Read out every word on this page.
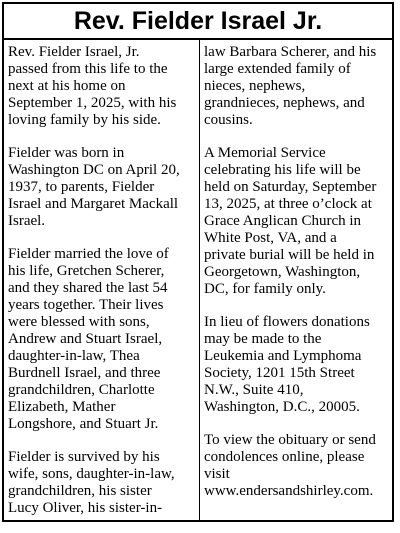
Rev. Fielder Israel Jr.

Rev. Fielder Israel, Jr.
passed from this life to the
next at his home on
September 1, 2025, with his
loving family by his side.

Fielder was born in
Washington DC on April 20,
1937, to parents, Fielder
Israel and Margaret Mackall
Israel.

Fielder married the love of
his life, Gretchen Scherer,
and they shared the last 54
years together. Their lives
were blessed with sons,
Andrew and Stuart Israel,
daughter-in-law, Thea
Burdnell Israel, and three
grandchildren, Charlotte
Elizabeth, Mather
Longshore, and Stuart Jr.

Fielder is survived by his
wife, sons, daughter-in-law,
grandchildren, his sister
Lucy Oliver, his sister-in-

law Barbara Scherer, and his
large extended family of
nieces, nephews,
grandnieces, nephews, and
cousins.

A Memorial Service
celebrating his life will be
held on Saturday, September
13, 2025, at three o’clock at
Grace Anglican Church in
White Post, VA, and a
private burial will be held in
Georgetown, Washington,
DC, for family only.

In lieu of flowers donations
may be made to the
Leukemia and Lymphoma
Society, 1201 15th Street
N.W., Suite 410,
Washington, D.C., 20005.

To view the obituary or send
condolences online, please
visit
www.endersandshirley.com.
